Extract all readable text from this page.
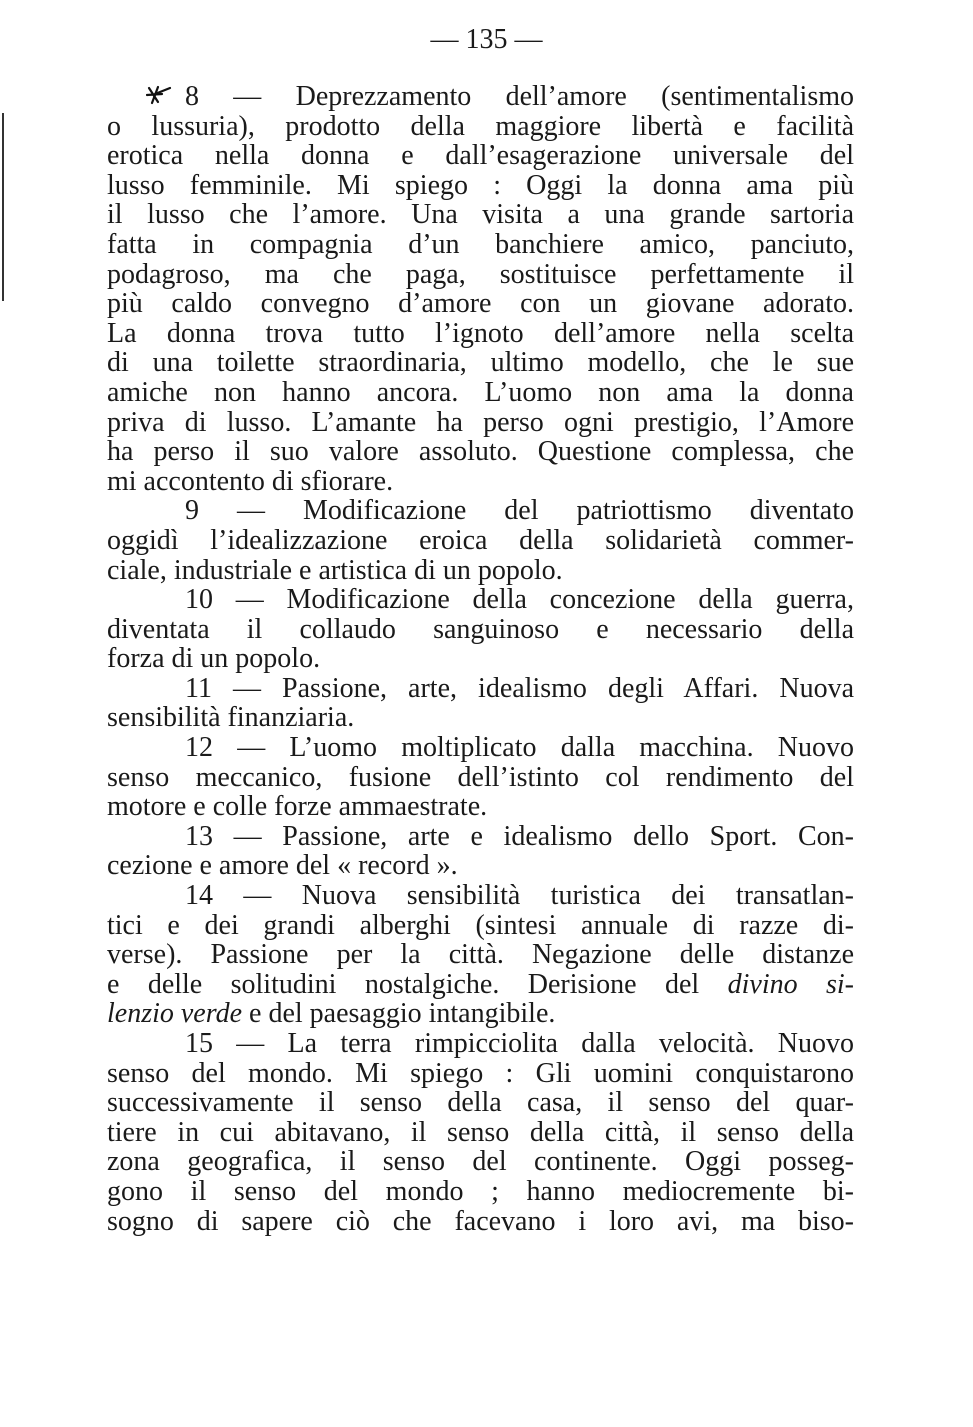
— 135 —
8 — Deprezzamento dell’amore (sentimentalismo
o lussuria), prodotto della maggiore libertà e facilità
erotica nella donna e dall’esagerazione universale del
lusso femminile. Mi spiego : Oggi la donna ama più
il lusso che l’amore. Una visita a una grande sartoria
fatta in compagnia d’un banchiere amico, panciuto,
podagroso, ma che paga, sostituisce perfettamente il
più caldo convegno d’amore con un giovane adorato.
La donna trova tutto l’ignoto dell’amore nella scelta
di una toilette straordinaria, ultimo modello, che le sue
amiche non hanno ancora. L’uomo non ama la donna
priva di lusso. L’amante ha perso ogni prestigio, l’Amore
ha perso il suo valore assoluto. Questione complessa, che
mi accontento di sfiorare.
9 — Modificazione del patriottismo diventato
oggidì l’idealizzazione eroica della solidarietà commer-
ciale, industriale e artistica di un popolo.
10 — Modificazione della concezione della guerra,
diventata il collaudo sanguinoso e necessario della
forza di un popolo.
11 — Passione, arte, idealismo degli Affari. Nuova
sensibilità finanziaria.
12 — L’uomo moltiplicato dalla macchina. Nuovo
senso meccanico, fusione dell’istinto col rendimento del
motore e colle forze ammaestrate.
13 — Passione, arte e idealismo dello Sport. Con-
cezione e amore del « record ».
14 — Nuova sensibilità turistica dei transatlan-
tici e dei grandi alberghi (sintesi annuale di razze di-
verse). Passione per la città. Negazione delle distanze
e delle solitudini nostalgiche. Derisione del divino si-
lenzio verde e del paesaggio intangibile.
15 — La terra rimpicciolita dalla velocità. Nuovo
senso del mondo. Mi spiego : Gli uomini conquistarono
successivamente il senso della casa, il senso del quar-
tiere in cui abitavano, il senso della città, il senso della
zona geografica, il senso del continente. Oggi posseg-
gono il senso del mondo ; hanno mediocremente bi-
sogno di sapere ciò che facevano i loro avi, ma biso-
